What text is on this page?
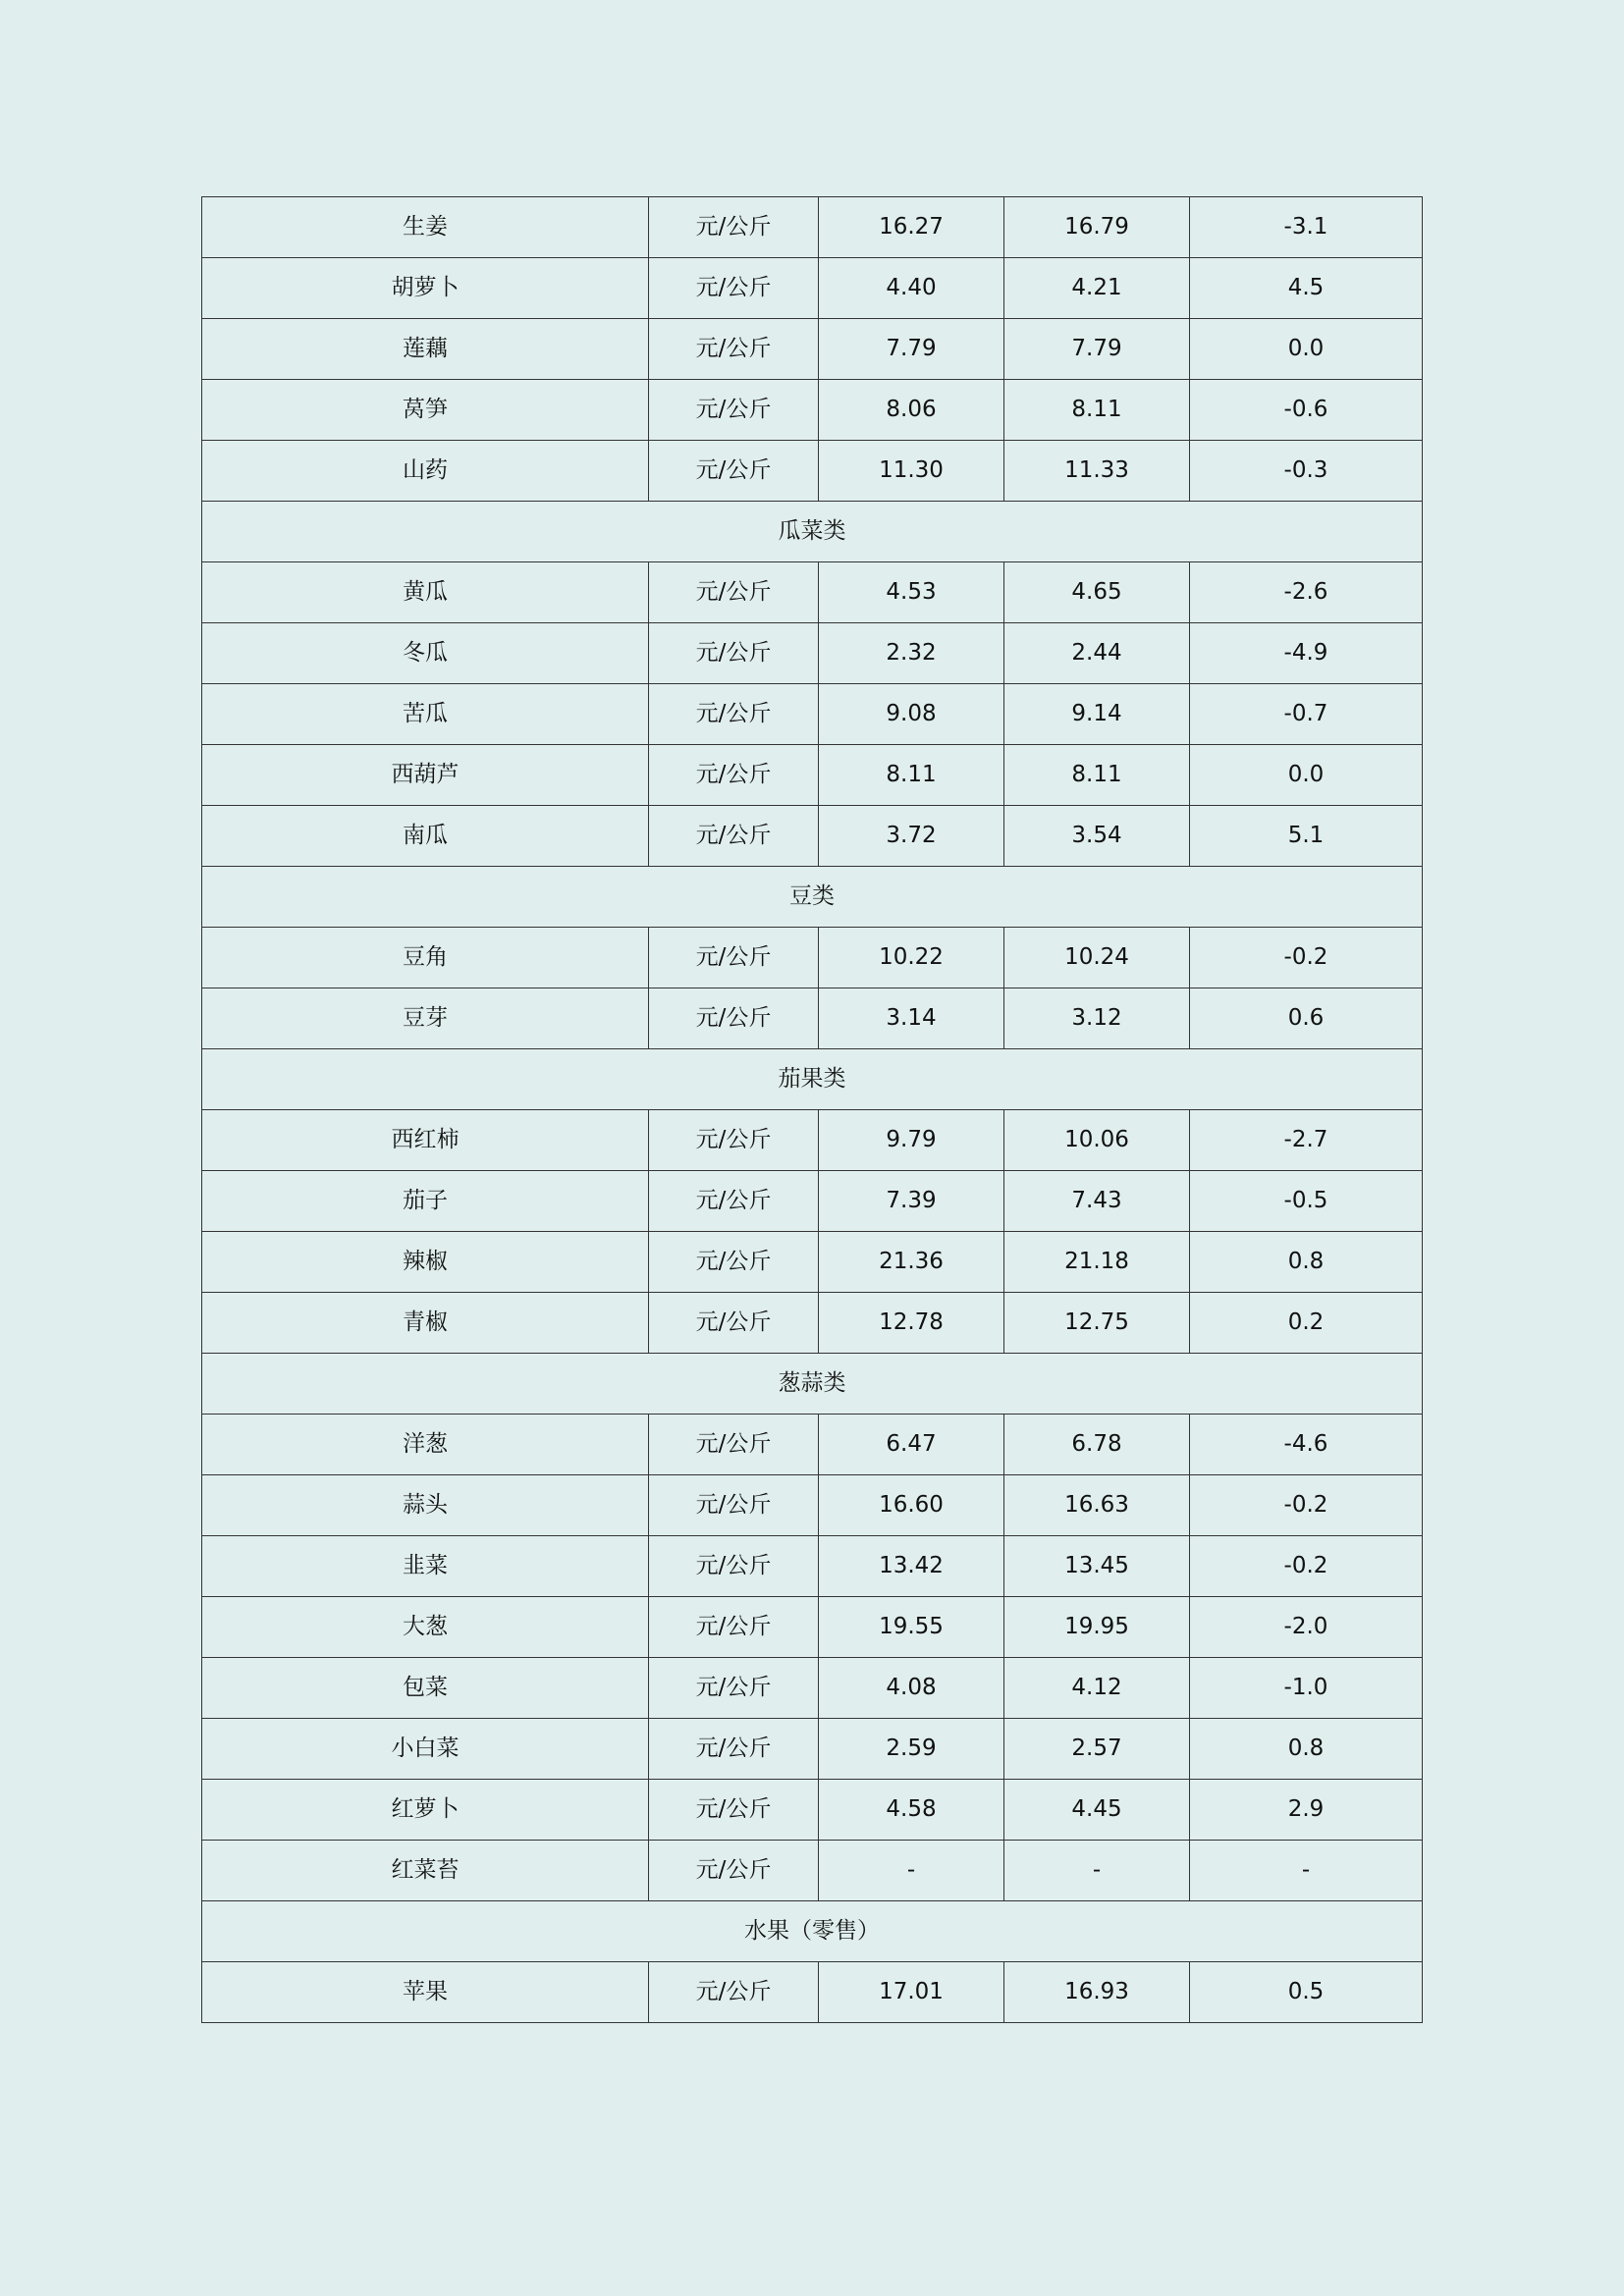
生姜	元/公斤	16.27	16.79	-3.1
胡萝卜	元/公斤	4.40	4.21	4.5
莲藕	元/公斤	7.79	7.79	0.0
莴笋	元/公斤	8.06	8.11	-0.6
山药	元/公斤	11.30	11.33	-0.3
瓜菜类				
黄瓜	元/公斤	4.53	4.65	-2.6
冬瓜	元/公斤	2.32	2.44	-4.9
苦瓜	元/公斤	9.08	9.14	-0.7
西葫芦	元/公斤	8.11	8.11	0.0
南瓜	元/公斤	3.72	3.54	5.1
豆类				
豆角	元/公斤	10.22	10.24	-0.2
豆芽	元/公斤	3.14	3.12	0.6
茄果类				
西红柿	元/公斤	9.79	10.06	-2.7
茄子	元/公斤	7.39	7.43	-0.5
辣椒	元/公斤	21.36	21.18	0.8
青椒	元/公斤	12.78	12.75	0.2
葱蒜类				
洋葱	元/公斤	6.47	6.78	-4.6
蒜头	元/公斤	16.60	16.63	-0.2
韭菜	元/公斤	13.42	13.45	-0.2
大葱	元/公斤	19.55	19.95	-2.0
包菜	元/公斤	4.08	4.12	-1.0
小白菜	元/公斤	2.59	2.57	0.8
红萝卜	元/公斤	4.58	4.45	2.9
红菜苔	元/公斤	-	-	-
水果（零售）				
苹果	元/公斤	17.01	16.93	0.5
